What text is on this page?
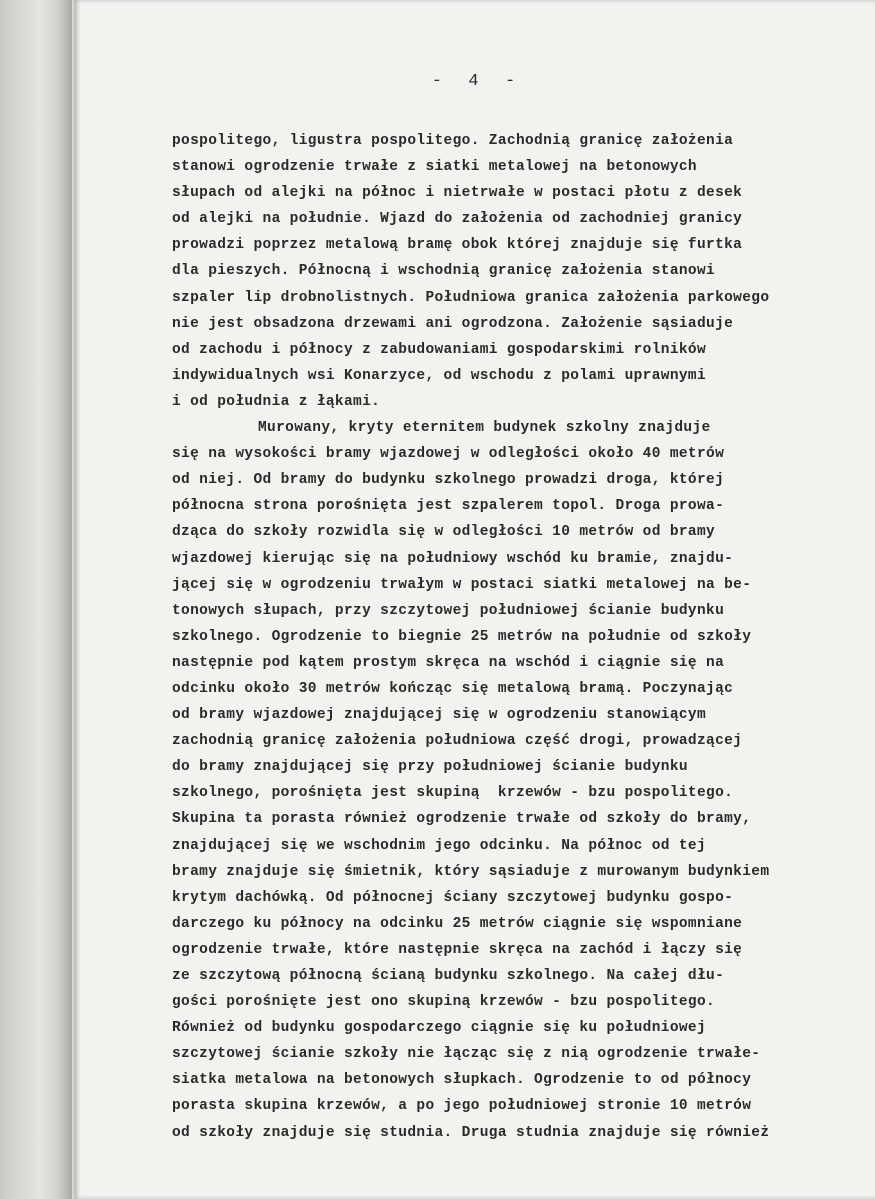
-  4  -
pospolitego, ligustra pospolitego. Zachodnią granicę założenia
stanowi ogrodzenie trwałe z siatki metalowej na betonowych
słupach od alejki na północ i nietrwałe w postaci płotu z desek
od alejki na południe. Wjazd do założenia od zachodniej granicy
prowadzi poprzez metalową bramę obok której znajduje się furtka
dla pieszych. Północną i wschodnią granicę założenia stanowi
szpaler lip drobnolistnych. Południowa granica założenia parkowego
nie jest obsadzona drzewami ani ogrodzona. Założenie sąsiaduje
od zachodu i północy z zabudowaniami gospodarskimi rolników
indywidualnych wsi Konarzyce, od wschodu z polami uprawnymi
i od południa z łąkami.
Murowany, kryty eternitem budynek szkolny znajduje
się na wysokości bramy wjazdowej w odległości około 40 metrów
od niej. Od bramy do budynku szkolnego prowadzi droga, której
północna strona porośnięta jest szpalerem topol. Droga prowa-
dząca do szkoły rozwidla się w odległości 10 metrów od bramy
wjazdowej kierując się na południowy wschód ku bramie, znajdu-
jącej się w ogrodzeniu trwałym w postaci siatki metalowej na be-
tonowych słupach, przy szczytowej południowej ścianie budynku
szkolnego. Ogrodzenie to biegnie 25 metrów na południe od szkoły
następnie pod kątem prostym skręca na wschód i ciągnie się na
odcinku około 30 metrów kończąc się metalową bramą. Poczynając
od bramy wjazdowej znajdującej się w ogrodzeniu stanowiącym
zachodnią granicę założenia południowa część drogi, prowadzącej
do bramy znajdującej się przy południowej ścianie budynku
szkolnego, porośnięta jest skupiną  krzewów - bzu pospolitego.
Skupina ta porasta również ogrodzenie trwałe od szkoły do bramy,
znajdującej się we wschodnim jego odcinku. Na północ od tej
bramy znajduje się śmietnik, który sąsiaduje z murowanym budynkiem
krytym dachówką. Od północnej ściany szczytowej budynku gospo-
darczego ku północy na odcinku 25 metrów ciągnie się wspomniane
ogrodzenie trwałe, które następnie skręca na zachód i łączy się
ze szczytową północną ścianą budynku szkolnego. Na całej dłu-
gości porośnięte jest ono skupiną krzewów - bzu pospolitego.
Również od budynku gospodarczego ciągnie się ku południowej
szczytowej ścianie szkoły nie łącząc się z nią ogrodzenie trwałe-
siatka metalowa na betonowych słupkach. Ogrodzenie to od północy
porasta skupina krzewów, a po jego południowej stronie 10 metrów
od szkoły znajduje się studnia. Druga studnia znajduje się również
